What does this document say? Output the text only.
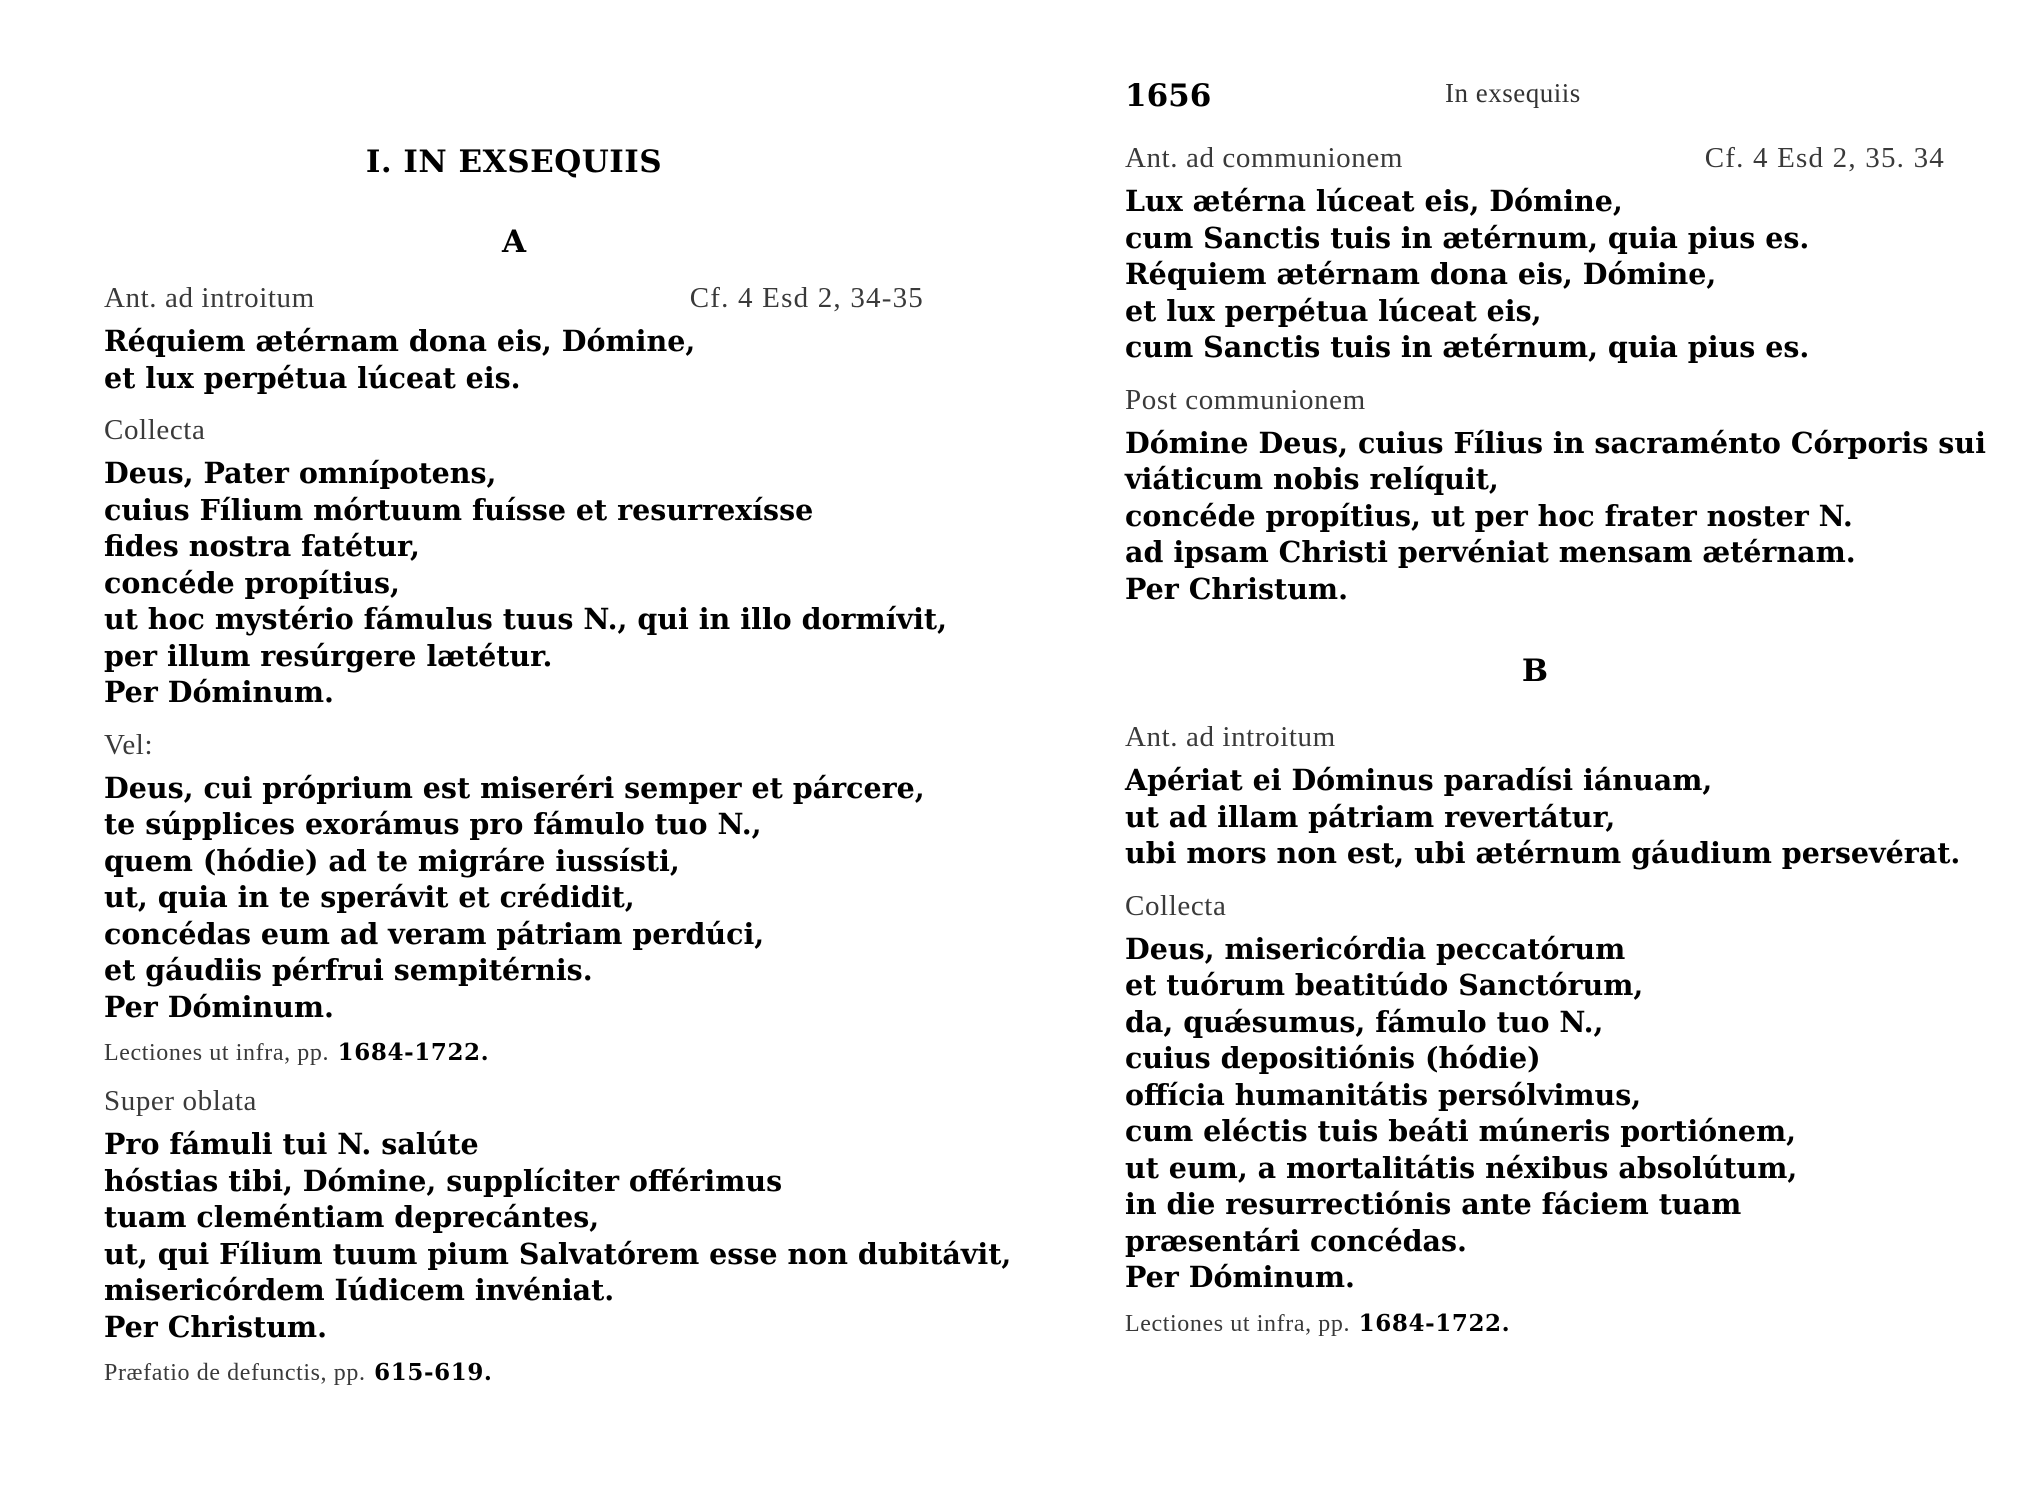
I. IN EXSEQUIIS
A
Ant. ad introitum	Cf. 4 Esd 2, 34-35
Réquiem ætérnam dona eis, Dómine,
et lux perpétua lúceat eis.
Collecta
Deus, Pater omnípotens,
cuius Fílium mórtuum fuísse et resurrexísse
fides nostra fatétur,
concéde propítius,
ut hoc mystério fámulus tuus N., qui in illo dormívit,
per illum resúrgere lætétur.
Per Dóminum.
Vel:
Deus, cui próprium est miseréri semper et párcere,
te súpplices exorámus pro fámulo tuo N.,
quem (hódie) ad te migráre iussísti,
ut, quia in te sperávit et crédidit,
concédas eum ad veram pátriam perdúci,
et gáudiis pérfrui sempitérnis.
Per Dóminum.
Lectiones ut infra, pp. 1684-1722.
Super oblata
Pro fámuli tui N. salúte
hóstias tibi, Dómine, supplíciter offérimus
tuam cleméntiam deprecántes,
ut, qui Fílium tuum pium Salvatórem esse non dubitávit,
misericórdem Iúdicem invéniat.
Per Christum.
Præfatio de defunctis, pp. 615-619.
1656	In exsequiis
Ant. ad communionem	Cf. 4 Esd 2, 35. 34
Lux ætérna lúceat eis, Dómine,
cum Sanctis tuis in ætérnum, quia pius es.
Réquiem ætérnam dona eis, Dómine,
et lux perpétua lúceat eis,
cum Sanctis tuis in ætérnum, quia pius es.
Post communionem
Dómine Deus, cuius Fílius in sacraménto Córporis sui
viáticum nobis relíquit,
concéde propítius, ut per hoc frater noster N.
ad ipsam Christi pervéniat mensam ætérnam.
Per Christum.
B
Ant. ad introitum
Apériat ei Dóminus paradísi iánuam,
ut ad illam pátriam revertátur,
ubi mors non est, ubi ætérnum gáudium persevérat.
Collecta
Deus, misericórdia peccatórum
et tuórum beatitúdo Sanctórum,
da, quǽsumus, fámulo tuo N.,
cuius depositiónis (hódie)
offícia humanitátis persólvimus,
cum eléctis tuis beáti múneris portiónem,
ut eum, a mortalitátis néxibus absolútum,
in die resurrectiónis ante fáciem tuam
præsentári concédas.
Per Dóminum.
Lectiones ut infra, pp. 1684-1722.
